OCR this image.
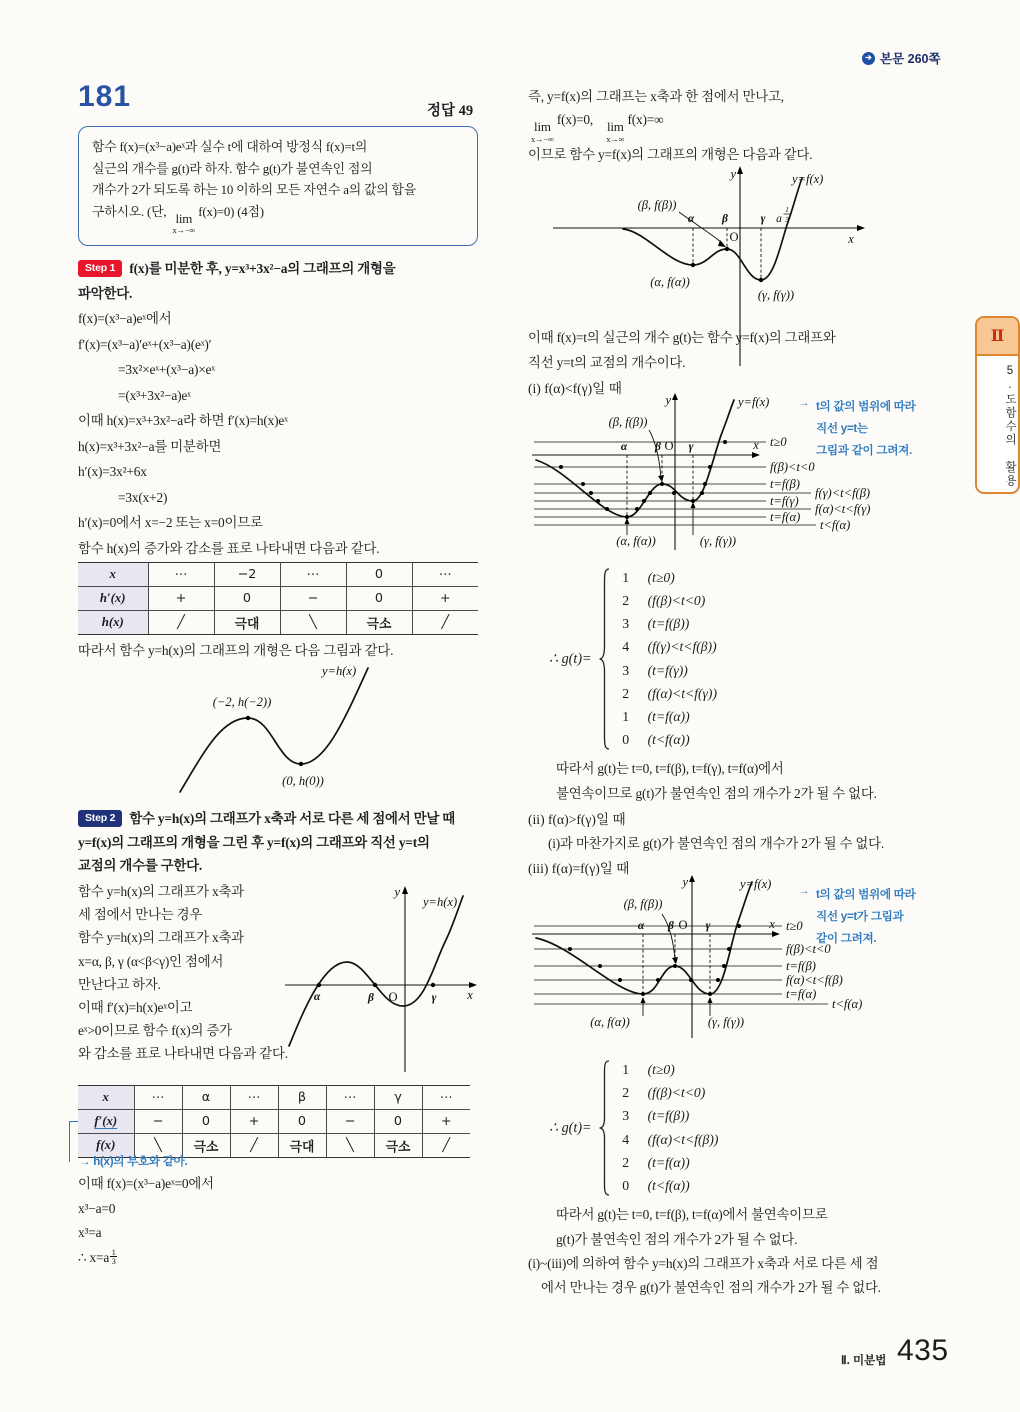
181	정답 49
함수 f(x)=(x³−a)eˣ과 실수 t에 대하여 방정식 f(x)=t의
실근의 개수를 g(t)라 하자. 함수 g(t)가 불연속인 점의
개수가 2가 되도록 하는 10 이하의 모든 자연수 a의 값의 합을
구하시오. (단, lim
x→−∞
f(x)=0) (4점)
Step 1 f(x)를 미분한 후, y=x³+3x²−a의 그래프의 개형을
파악한다.
f(x)=(x³−a)eˣ에서
f′(x)=(x³−a)′eˣ+(x³−a)(eˣ)′
=3x²×eˣ+(x³−a)×eˣ
=(x³+3x²−a)eˣ
이때 h(x)=x³+3x²−a라 하면 f′(x)=h(x)eˣ
h(x)=x³+3x²−a를 미분하면
h′(x)=3x²+6x
=3x(x+2)
h′(x)=0에서 x=−2 또는 x=0이므로
함수 h(x)의 증가와 감소를 표로 나타내면 다음과 같다.
x	⋯	−2	⋯	0	⋯
h′(x)	+	0	−	0	+
h(x)	╱	극대	╲	극소	╱
따라서 함수 y=h(x)의 그래프의 개형은 다음 그림과 같다.
(−2, h(−2))
(0, h(0))
y=h(x)
Step 2 함수 y=h(x)의 그래프가 x축과 서로 다른 세 점에서 만날 때
y=f(x)의 그래프의 개형을 그린 후 y=f(x)의 그래프와 직선 y=t의
교점의 개수를 구한다.
함수 y=h(x)의 그래프가 x축과
세 점에서 만나는 경우
함수 y=h(x)의 그래프가 x축과
x=α, β, γ (α<β<γ)인 점에서
만난다고 하자.
이때 f′(x)=h(x)eˣ이고
eˣ>0이므로 함수 f(x)의 증가
와 감소를 표로 나타내면 다음과 같다.
α	β O	γ x
y
y=h(x)
x	⋯	α	⋯	β	⋯	γ	⋯
f′(x)	−	0	+	0	−	0	+
f(x)	╲	극소	╱	극대	╲	극소	╱
→ h(x)의 부호와 같아.
이때 f(x)=(x³−a)eˣ=0에서
x³−a=0
x³=a
∴ $x=a \frac{1}{3}$
➔ 본문 260쪽
즉, y=f(x)의 그래프는 x축과 한 점에서 만나고,
lim
x→−∞
f(x)=0, lim
x→∞
f(x)=∞
이므로 함수 y=f(x)의 그래프의 개형은 다음과 같다.
α β	γ
O
a
1
3
x
y	y=f(x)
(β, f(β))
(α, f(α))
(γ, f(γ))
이때 f(x)=t의 실근의 개수 g(t)는 함수 y=f(x)의 그래프와
직선 y=t의 교점의 개수이다.
(i) f(α)<f(γ)일 때
α β O γ	x
y	y=f(x)
(β, f(β))
(α, f(α))	(γ, f(γ))
t≥0
f(β)<t<0
t=f(β)
f(γ)<t<f(β)
t=f(γ)
f(α)<t<f(γ)
t=f(α)
t<f(α)
→ t의 값의 범위에 따라
직선 y=t는
그림과 같이 그려져.
∴ g(t)=
1 (t≥0)
2 (f(β)<t<0)
3 (t=f(β))
4 (f(γ)<t<f(β))
3 (t=f(γ))
2 (f(α)<t<f(γ))
1 (t=f(α))
0 (t<f(α))
따라서 g(t)는 t=0, t=f(β), t=f(γ), t=f(α)에서
불연속이므로 g(t)가 불연속인 점의 개수가 2가 될 수 없다.
(ii) f(α)>f(γ)일 때
(i)과 마찬가지로 g(t)가 불연속인 점의 개수가 2가 될 수 없다.
(iii) f(α)=f(γ)일 때
α β O γ	x
y	y=f(x)
(β, f(β))
(α, f(α))	(γ, f(γ))
t≥0
f(β)<t<0
t=f(β)
f(α)<t<f(β)
t=f(α)
t<f(α)
→ t의 값의 범위에 따라
직선 y=t가 그림과
같이 그려져.
∴ g(t)=
1 (t≥0)
2 (f(β)<t<0)
3 (t=f(β))
4 (f(α)<t<f(β))
2 (t=f(α))
0 (t<f(α))
따라서 g(t)는 t=0, t=f(β), t=f(α)에서 불연속이므로
g(t)가 불연속인 점의 개수가 2가 될 수 없다.
(i)~(iii)에 의하여 함수 y=h(x)의 그래프가 x축과 서로 다른 세 점
에서 만나는 경우 g(t)가 불연속인 점의 개수가 2가 될 수 없다.
Ⅱ. 미분법 435
Ⅱ
5.도함수의 활용
